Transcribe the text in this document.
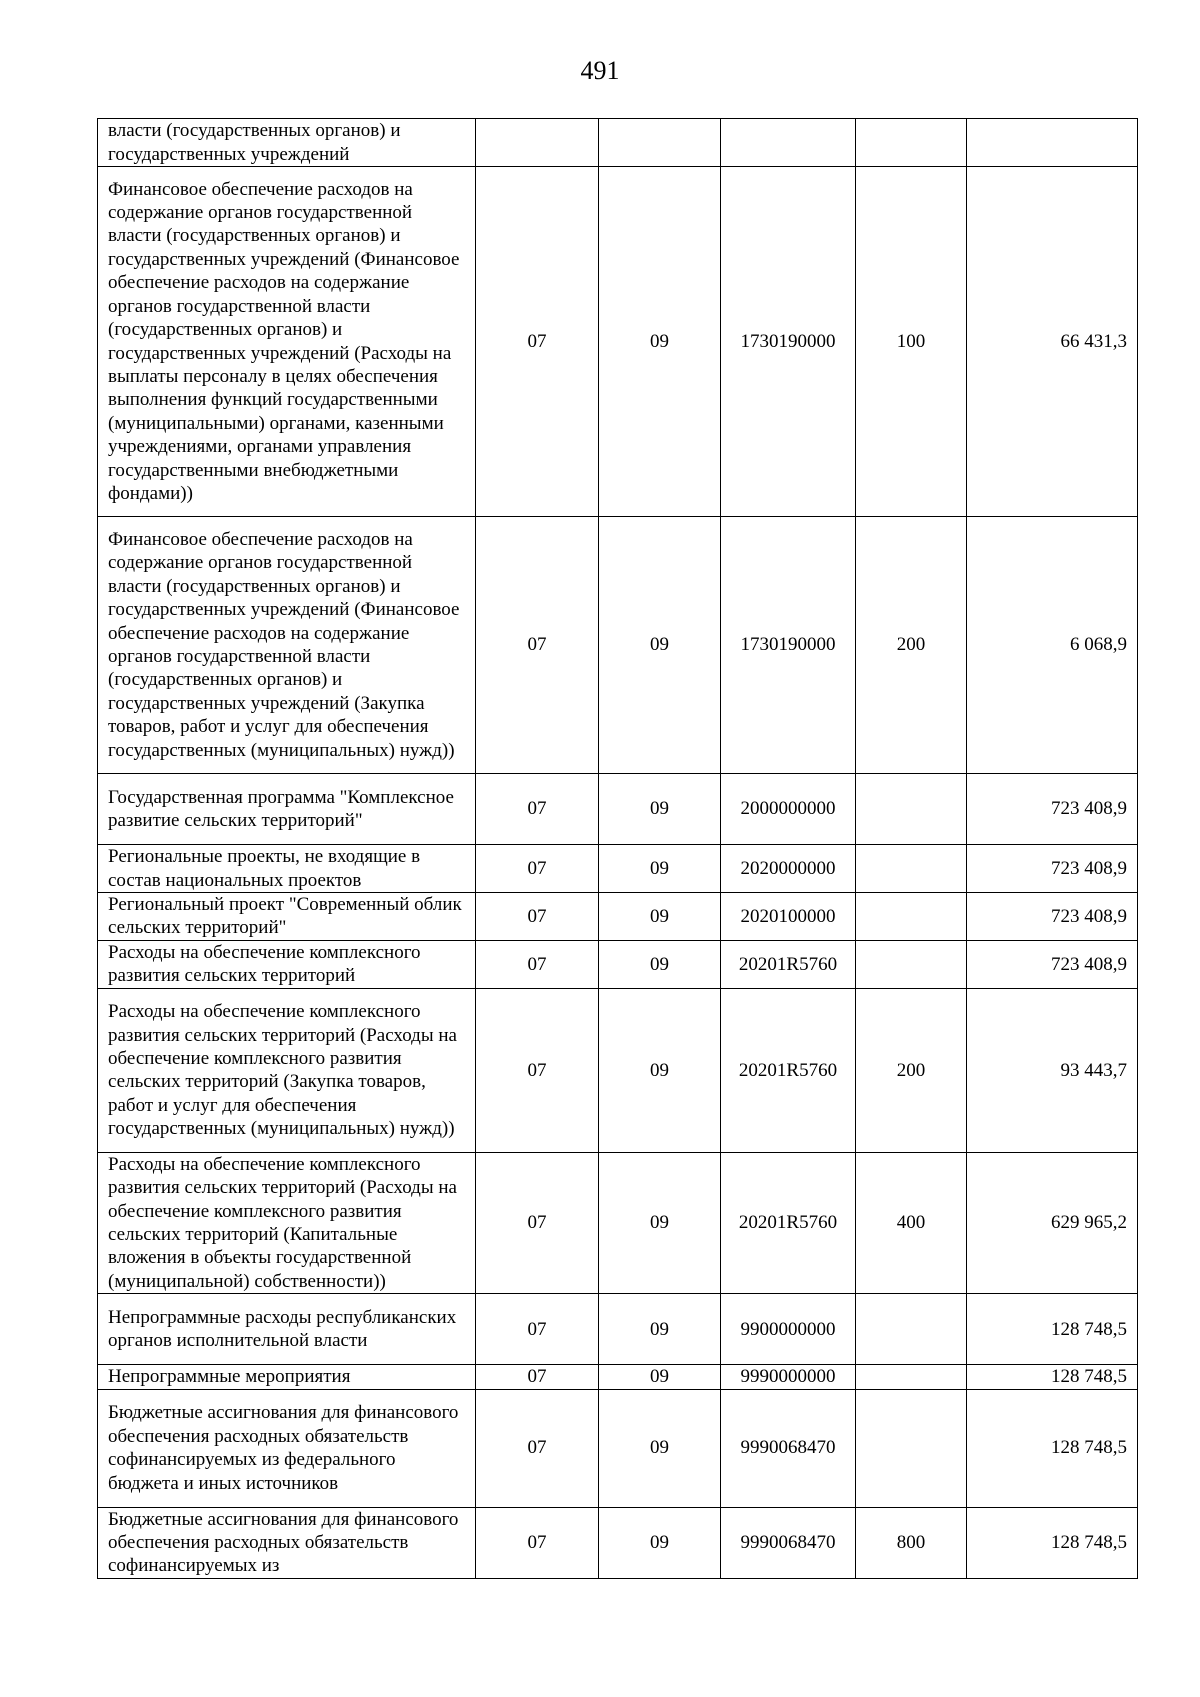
491
власти (государственных органов) и государственных учреждений					
Финансовое обеспечение расходов на содержание органов государственной власти (государственных органов) и государственных учреждений (Финансовое обеспечение расходов на содержание органов государственной власти (государственных органов) и государственных учреждений (Расходы на выплаты персоналу в целях обеспечения выполнения функций государственными (муниципальными) органами, казенными учреждениями, органами управления государственными внебюджетными фондами))	07	09	1730190000	100	66 431,3
Финансовое обеспечение расходов на содержание органов государственной власти (государственных органов) и государственных учреждений (Финансовое обеспечение расходов на содержание органов государственной власти (государственных органов) и государственных учреждений (Закупка товаров, работ и услуг для обеспечения государственных (муниципальных) нужд))	07	09	1730190000	200	6 068,9
Государственная программа "Комплексное развитие сельских территорий"	07	09	2000000000		723 408,9
Региональные проекты, не входящие в состав национальных проектов	07	09	2020000000		723 408,9
Региональный проект "Современный облик сельских территорий"	07	09	2020100000		723 408,9
Расходы на обеспечение комплексного развития сельских территорий	07	09	20201R5760		723 408,9
Расходы на обеспечение комплексного развития сельских территорий (Расходы на обеспечение комплексного развития сельских территорий (Закупка товаров, работ и услуг для обеспечения государственных (муниципальных) нужд))	07	09	20201R5760	200	93 443,7
Расходы на обеспечение комплексного развития сельских территорий (Расходы на обеспечение комплексного развития сельских территорий (Капитальные вложения в объекты государственной (муниципальной) собственности))	07	09	20201R5760	400	629 965,2
Непрограммные расходы республиканских органов исполнительной власти	07	09	9900000000		128 748,5
Непрограммные мероприятия	07	09	9990000000		128 748,5
Бюджетные ассигнования для финансового обеспечения расходных обязательств софинансируемых из федерального бюджета и иных источников	07	09	9990068470		128 748,5
Бюджетные ассигнования для финансового обеспечения расходных обязательств софинансируемых из	07	09	9990068470	800	128 748,5
